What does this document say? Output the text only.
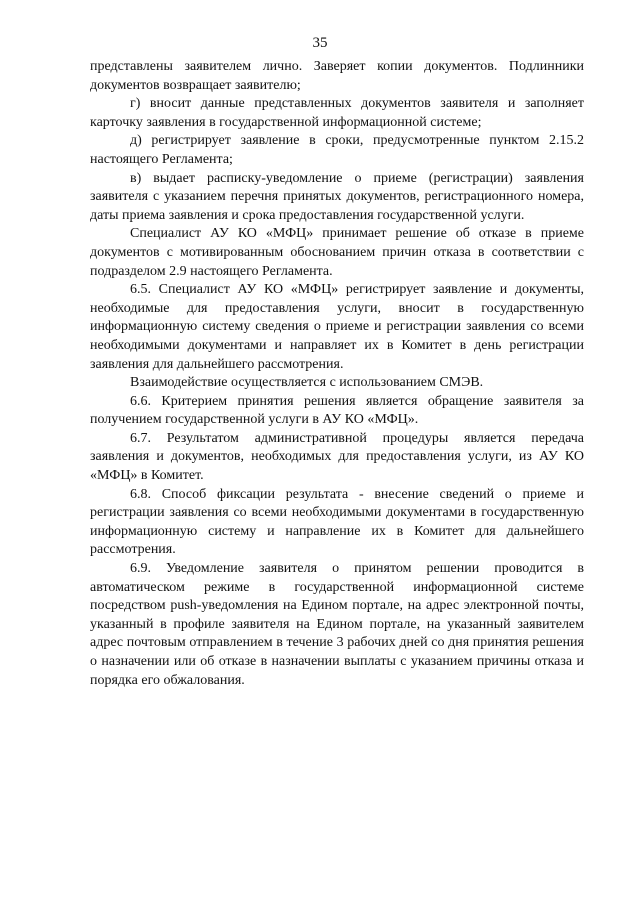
35

представлены заявителем лично. Заверяет копии документов. Подлинники документов возвращает заявителю;

г) вносит данные представленных документов заявителя и заполняет карточку заявления в государственной информационной системе;

д) регистрирует заявление в сроки, предусмотренные пунктом 2.15.2 настоящего Регламента;

в) выдает расписку-уведомление о приеме (регистрации) заявления заявителя с указанием перечня принятых документов, регистрационного номера, даты приема заявления и срока предоставления государственной услуги.

Специалист АУ КО «МФЦ» принимает решение об отказе в приеме документов с мотивированным обоснованием причин отказа в соответствии с подразделом 2.9 настоящего Регламента.

6.5. Специалист АУ КО «МФЦ» регистрирует заявление и документы, необходимые для предоставления услуги, вносит в государственную информационную систему сведения о приеме и регистрации заявления со всеми необходимыми документами и направляет их в Комитет в день регистрации заявления для дальнейшего рассмотрения.

Взаимодействие осуществляется с использованием СМЭВ.

6.6. Критерием принятия решения является обращение заявителя за получением государственной услуги в АУ КО «МФЦ».

6.7. Результатом административной процедуры является передача заявления и документов, необходимых для предоставления услуги, из АУ КО «МФЦ» в Комитет.

6.8. Способ фиксации результата - внесение сведений о приеме и регистрации заявления со всеми необходимыми документами в государственную информационную систему и направление их в Комитет для дальнейшего рассмотрения.

6.9. Уведомление заявителя о принятом решении проводится в автоматическом режиме в государственной информационной системе посредством push-уведомления на Едином портале, на адрес электронной почты, указанный в профиле заявителя на Едином портале, на указанный заявителем адрес почтовым отправлением в течение 3 рабочих дней со дня принятия решения о назначении или об отказе в назначении выплаты с указанием причины отказа и порядка его обжалования.
